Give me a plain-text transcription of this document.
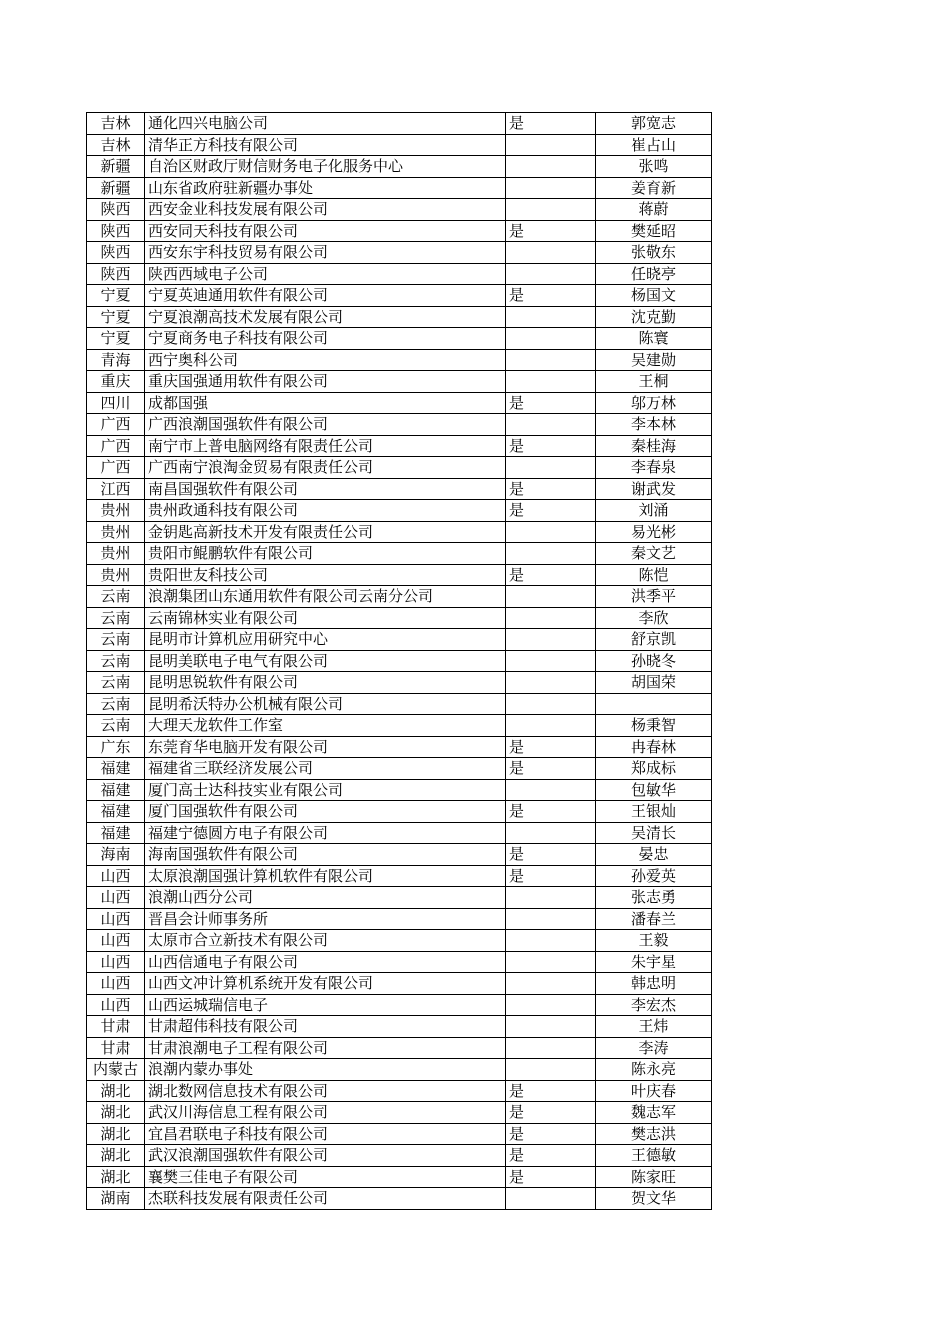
吉林	通化四兴电脑公司	是	郭宽志
吉林	清华正方科技有限公司		崔占山
新疆	自治区财政厅财信财务电子化服务中心		张鸣
新疆	山东省政府驻新疆办事处		姜育新
陕西	西安金业科技发展有限公司		蒋蔚
陕西	西安同天科技有限公司	是	樊延昭
陕西	西安东宇科技贸易有限公司		张敬东
陕西	陕西西域电子公司		任晓亭
宁夏	宁夏英迪通用软件有限公司	是	杨国文
宁夏	宁夏浪潮高技术发展有限公司		沈克勤
宁夏	宁夏商务电子科技有限公司		陈寰
青海	西宁奥科公司		吴建勋
重庆	重庆国强通用软件有限公司		王桐
四川	成都国强	是	邬万林
广西	广西浪潮国强软件有限公司		李本林
广西	南宁市上普电脑网络有限责任公司	是	秦桂海
广西	广西南宁浪淘金贸易有限责任公司		李春泉
江西	南昌国强软件有限公司	是	谢武发
贵州	贵州政通科技有限公司	是	刘涌
贵州	金钥匙高新技术开发有限责任公司		易光彬
贵州	贵阳市鲲鹏软件有限公司		秦文艺
贵州	贵阳世友科技公司	是	陈恺
云南	浪潮集团山东通用软件有限公司云南分公司		洪季平
云南	云南锦林实业有限公司		李欣
云南	昆明市计算机应用研究中心		舒京凯
云南	昆明美联电子电气有限公司		孙晓冬
云南	昆明思锐软件有限公司		胡国荣
云南	昆明希沃特办公机械有限公司		
云南	大理天龙软件工作室		杨秉智
广东	东莞育华电脑开发有限公司	是	冉春林
福建	福建省三联经济发展公司	是	郑成标
福建	厦门高士达科技实业有限公司		包敏华
福建	厦门国强软件有限公司	是	王银灿
福建	福建宁德圆方电子有限公司		吴清长
海南	海南国强软件有限公司	是	晏忠
山西	太原浪潮国强计算机软件有限公司	是	孙爱英
山西	浪潮山西分公司		张志勇
山西	晋昌会计师事务所		潘春兰
山西	太原市合立新技术有限公司		王毅
山西	山西信通电子有限公司		朱宇星
山西	山西文冲计算机系统开发有限公司		韩忠明
山西	山西运城瑞信电子		李宏杰
甘肃	甘肃超伟科技有限公司		王炜
甘肃	甘肃浪潮电子工程有限公司		李涛
内蒙古	浪潮内蒙办事处		陈永亮
湖北	湖北数网信息技术有限公司	是	叶庆春
湖北	武汉川海信息工程有限公司	是	魏志军
湖北	宜昌君联电子科技有限公司	是	樊志洪
湖北	武汉浪潮国强软件有限公司	是	王德敏
湖北	襄樊三佳电子有限公司	是	陈家旺
湖南	杰联科技发展有限责任公司		贺文华
